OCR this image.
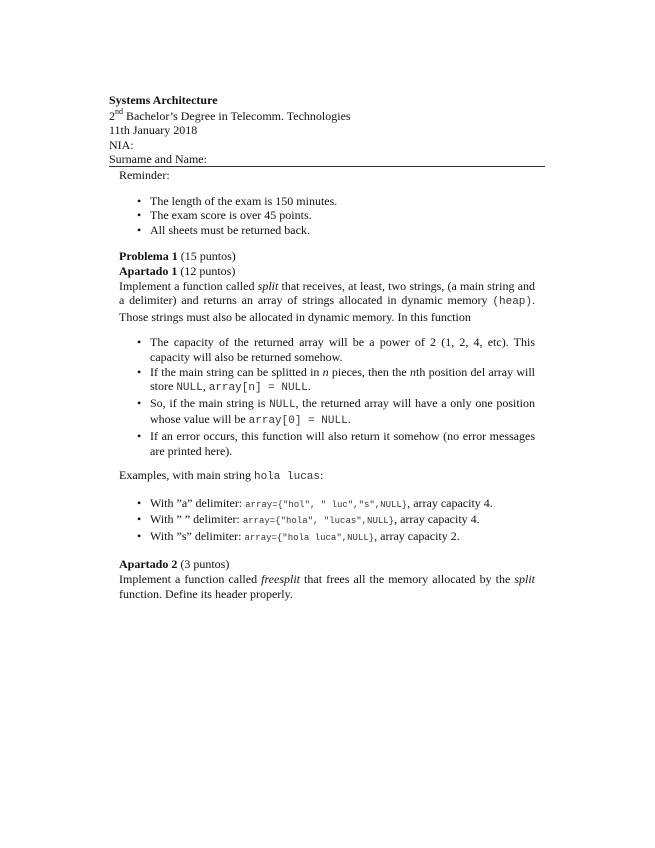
Systems Architecture
2nd Bachelor’s Degree in Telecomm. Technologies
11th January 2018
NIA:
Surname and Name:

Reminder:

• The length of the exam is 150 minutes.
• The exam score is over 45 points.
• All sheets must be returned back.

Problema 1 (15 puntos)

Apartado 1 (12 puntos)

Implement a function called split that receives, at least, two strings, (a main string and a delimiter) and returns an array of strings allocated in dynamic memory (heap). Those strings must also be allocated in dynamic memory. In this function

• The capacity of the returned array will be a power of 2 (1, 2, 4, etc). This capacity will also be returned somehow.
• If the main string can be splitted in n pieces, then the nth position del array will store NULL, array[n] = NULL.
• So, if the main string is NULL, the returned array will have a only one position whose value will be array[0] = NULL.
• If an error occurs, this function will also return it somehow (no error messages are printed here).

Examples, with main string hola lucas:

• With ”a” delimiter: array={"hol", " luc","s",NULL}, array capacity 4.
• With ” ” delimiter: array={"hola", "lucas",NULL}, array capacity 4.
• With ”s” delimiter: array={"hola luca",NULL}, array capacity 2.

Apartado 2 (3 puntos)

Implement a function called freesplit that frees all the memory allocated by the split function. Define its header properly.
